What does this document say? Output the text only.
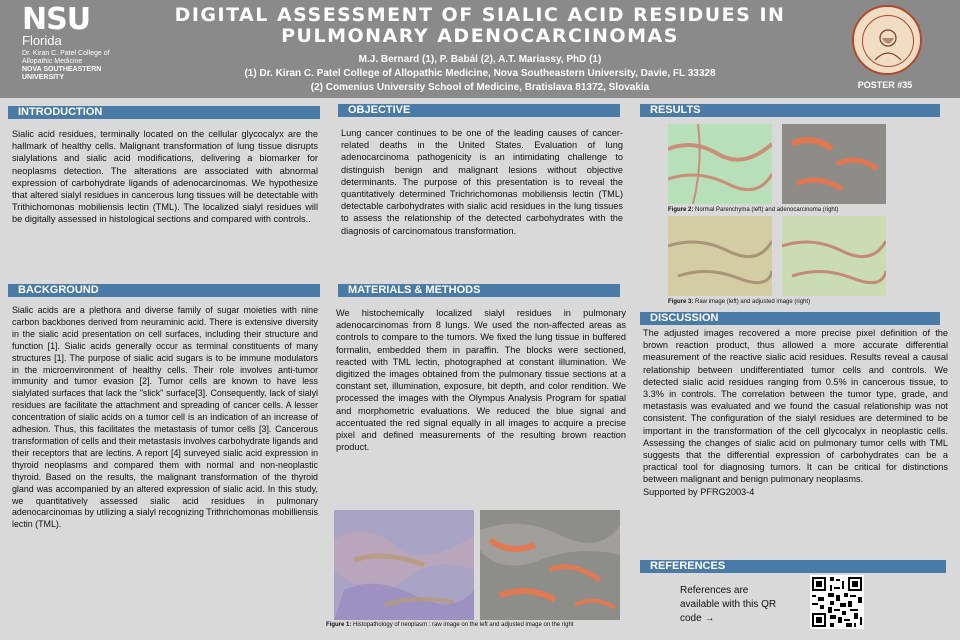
NSU
Florida
Dr. Kiran C. Patel College of Allopathic Medicine
NOVA SOUTHEASTERN UNIVERSITY
DIGITAL ASSESSMENT OF SIALIC ACID RESIDUES IN PULMONARY ADENOCARCINOMAS
M.J. Bernard (1), P. Babál (2), A.T. Mariassy, PhD (1)
(1) Dr. Kiran C. Patel College of Allopathic Medicine, Nova Southeastern University, Davie, FL 33328
(2) Comenius University School of Medicine, Bratislava 81372, Slovakia	POSTER #35
INTRODUCTION
Sialic acid residues, terminally located on the cellular glycocalyx are the hallmark of healthy cells. Malignant transformation of lung tissue disrupts sialylations and sialic acid modifications, delivering a biomarker for neoplasms detection. The alterations are associated with abnormal expression of carbohydrate ligands of adenocarcinomas. We hypothesize that altered sialyl residues in cancerous lung tissues will be detectable with Trithichomonas mobiliensis lectin (TML). The localized sialyl residues will be digitally assessed in histological sections and compared with controls..
BACKGROUND
Sialic acids are a plethora and diverse family of sugar moieties with nine carbon backbones derived from neuraminic acid. There is extensive diversity in the sialic acid presentation on cell surfaces, including their structure and function [1]. Sialic acids generally occur as terminal constituents of many structures [1]. The purpose of sialic acid sugars is to be immune modulators in the microenvironment of healthy cells. Their role involves anti-tumor immunity and tumor evasion [2]. Tumor cells are known to have less sialylated surfaces that lack the "slick" surface[3]. Consequently, lack of sialyl residues are facilitate the attachment and spreading of cancer cells. A lesser concentration of sialic acids on a tumor cell is an indication of an increase of adhesion. Thus, this facilitates the metastasis of tumor cells [3]. Cancerous transformation of cells and their metastasis involves carbohydrate ligands and their receptors that are lectins. A report [4] surveyed sialic acid expression in thyroid neoplasms and compared them with normal and non-neoplastic thyroid. Based on the results, the malignant transformation of the thyroid gland was accompanied by an altered expression of sialic acid. In this study, we quantitatively assessed sialic acid residues in pulmonary adenocarcinomas by utilizing a sialyl recognizing Trithrichomonas mobilliensis lectin (TML).
OBJECTIVE
Lung cancer continues to be one of the leading causes of cancer-related deaths in the United States. Evaluation of lung adenocarcinoma pathogenicity is an intimidating challenge to distinguish benign and malignant lesions without objective determinants. The purpose of this presentation is to reveal the quantitatively determined Trichrichomonas mobiliensis lectin (TML) detectable carbohydrates with sialic acid residues in the lung tissues to assess the relationship of the detected carbohydrates with the diagnosis of carcinomatous transformation.
MATERIALS & METHODS
We histochemically localized sialyl residues in pulmonary adenocarcinomas from 8 lungs. We used the non-affected areas as controls to compare to the tumors. We fixed the lung tissue in buffered formalin, embedded them in paraffin. The blocks were sectioned, reacted with TML lectin, photographed at constant illumination. We digitized the images obtained from the pulmonary tissue sections at a constant set, illumination, exposure, bit depth, and color rendition. We processed the images with the Olympus Analysis Program for spatial and morphometric evaluations. We reduced the blue signal and accentuated the red signal equally in all images to acquire a precise pixel and defined measurements of the resulting brown reaction product.
Figure 1: Histopathology of neoplasm : raw image on the left and adjusted image on the right
RESULTS
Figure 2: Normal Parenchyma (left) and adenocarcinoma (right)
Figure 3: Raw image (left) and adjusted image (right)
DISCUSSION
The adjusted images recovered a more precise pixel definition of the brown reaction product, thus allowed a more accurate differential measurement of the reactive sialic acid residues. Results reveal a causal relationship between undifferentiated tumor cells and controls. We detected sialic acid residues ranging from 0.5% in cancerous tissue, to 3.3% in controls. The correlation between the tumor type, grade, and metastasis was evaluated and we found the casual relationship was not consistent. The configuration of the sialyl residues are determined to be important in the transformation of the cell glycocalyx in neoplastic cells. Assessing the changes of sialic acid on pulmonary tumor cells with TML suggests that the differential expression of carbohydrates can be a practical tool for diagnosing tumors. It can be critical for distinctions between malignant and benign pulmonary neoplasms.
Supported by PFRG2003-4
REFERENCES
References are available with this QR code →
